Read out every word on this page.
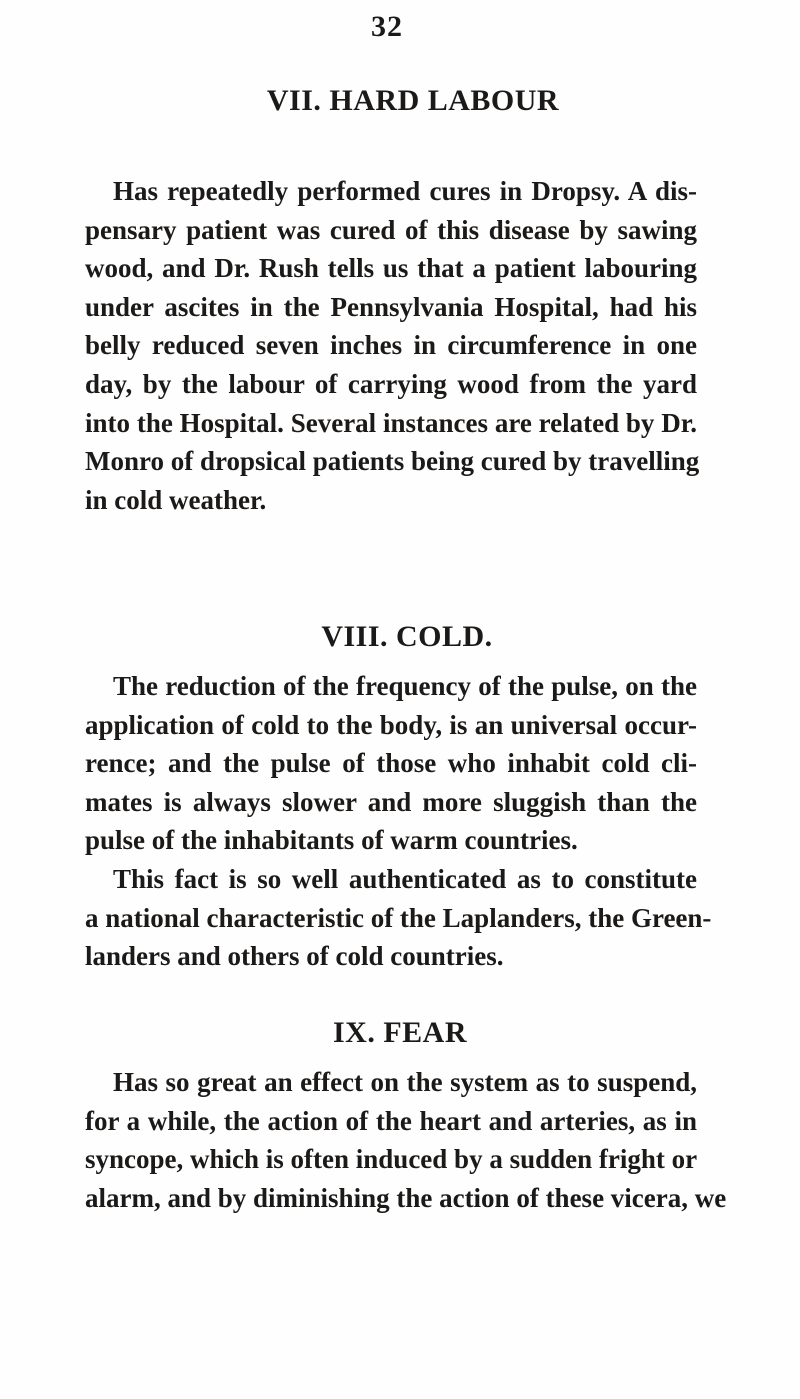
32
VII. HARD LABOUR
Has repeatedly performed cures in Dropsy. A dis-
pensary patient was cured of this disease by sawing
wood, and Dr. Rush tells us that a patient labouring
under ascites in the Pennsylvania Hospital, had his
belly reduced seven inches in circumference in one
day, by the labour of carrying wood from the yard
into the Hospital. Several instances are related by Dr.
Monro of dropsical patients being cured by travelling
in cold weather.
VIII. COLD.
The reduction of the frequency of the pulse, on the
application of cold to the body, is an universal occur-
rence; and the pulse of those who inhabit cold cli-
mates is always slower and more sluggish than the
pulse of the inhabitants of warm countries.
This fact is so well authenticated as to constitute
a national characteristic of the Laplanders, the Green-
landers and others of cold countries.
IX. FEAR
Has so great an effect on the system as to suspend,
for a while, the action of the heart and arteries, as in
syncope, which is often induced by a sudden fright or
alarm, and by diminishing the action of these vicera, we
